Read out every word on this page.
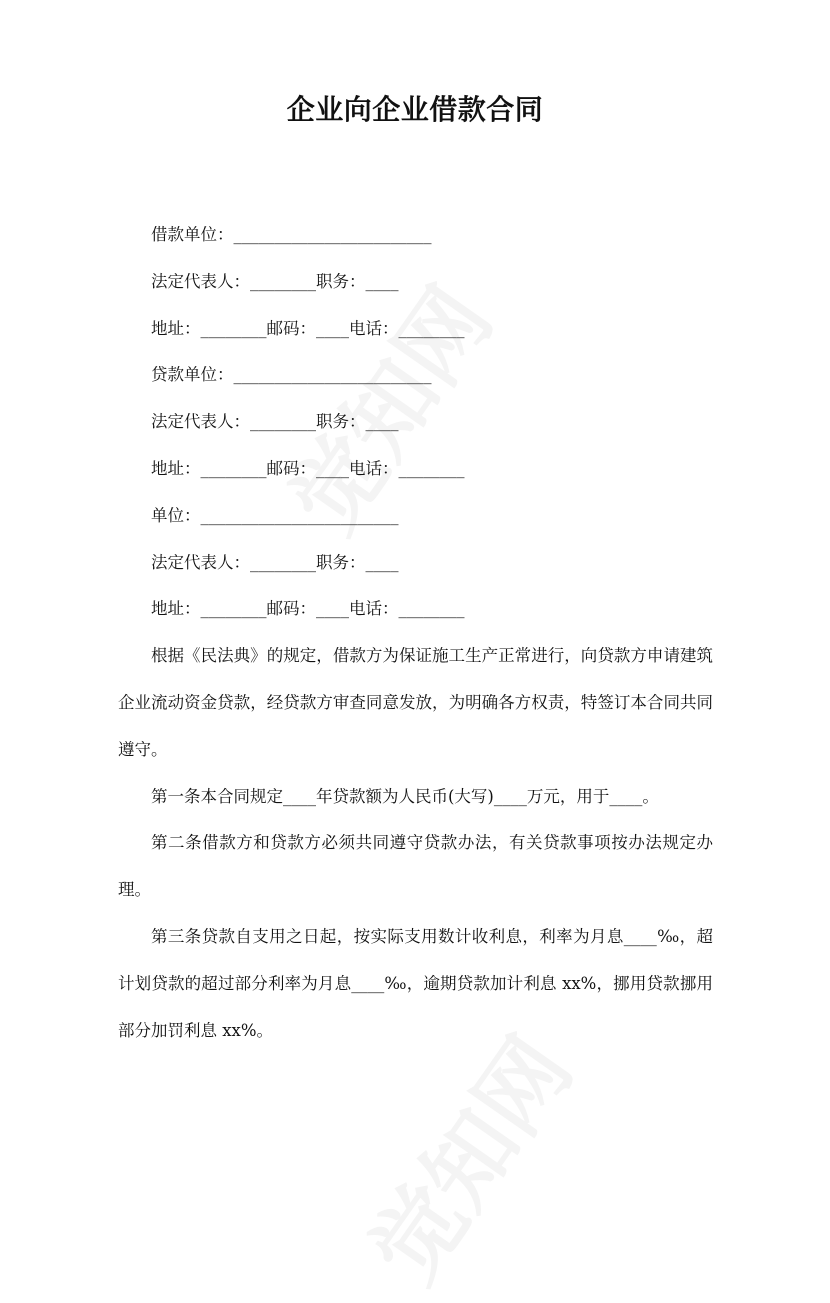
企业向企业借款合同

借款单位：________________________

法定代表人：________职务：____

地址：________邮码：____电话：________

贷款单位：________________________

法定代表人：________职务：____

地址：________邮码：____电话：________

单位：________________________

法定代表人：________职务：____

地址：________邮码：____电话：________

根据《民法典》的规定，借款方为保证施工生产正常进行，向贷款方申请建筑企业流动资金贷款，经贷款方审查同意发放，为明确各方权责，特签订本合同共同遵守。

第一条本合同规定____年贷款额为人民币(大写)____万元，用于____。

第二条借款方和贷款方必须共同遵守贷款办法，有关贷款事项按办法规定办理。

第三条贷款自支用之日起，按实际支用数计收利息，利率为月息____‰，超计划贷款的超过部分利率为月息____‰，逾期贷款加计利息 xx%，挪用贷款挪用部分加罚利息 xx%。
